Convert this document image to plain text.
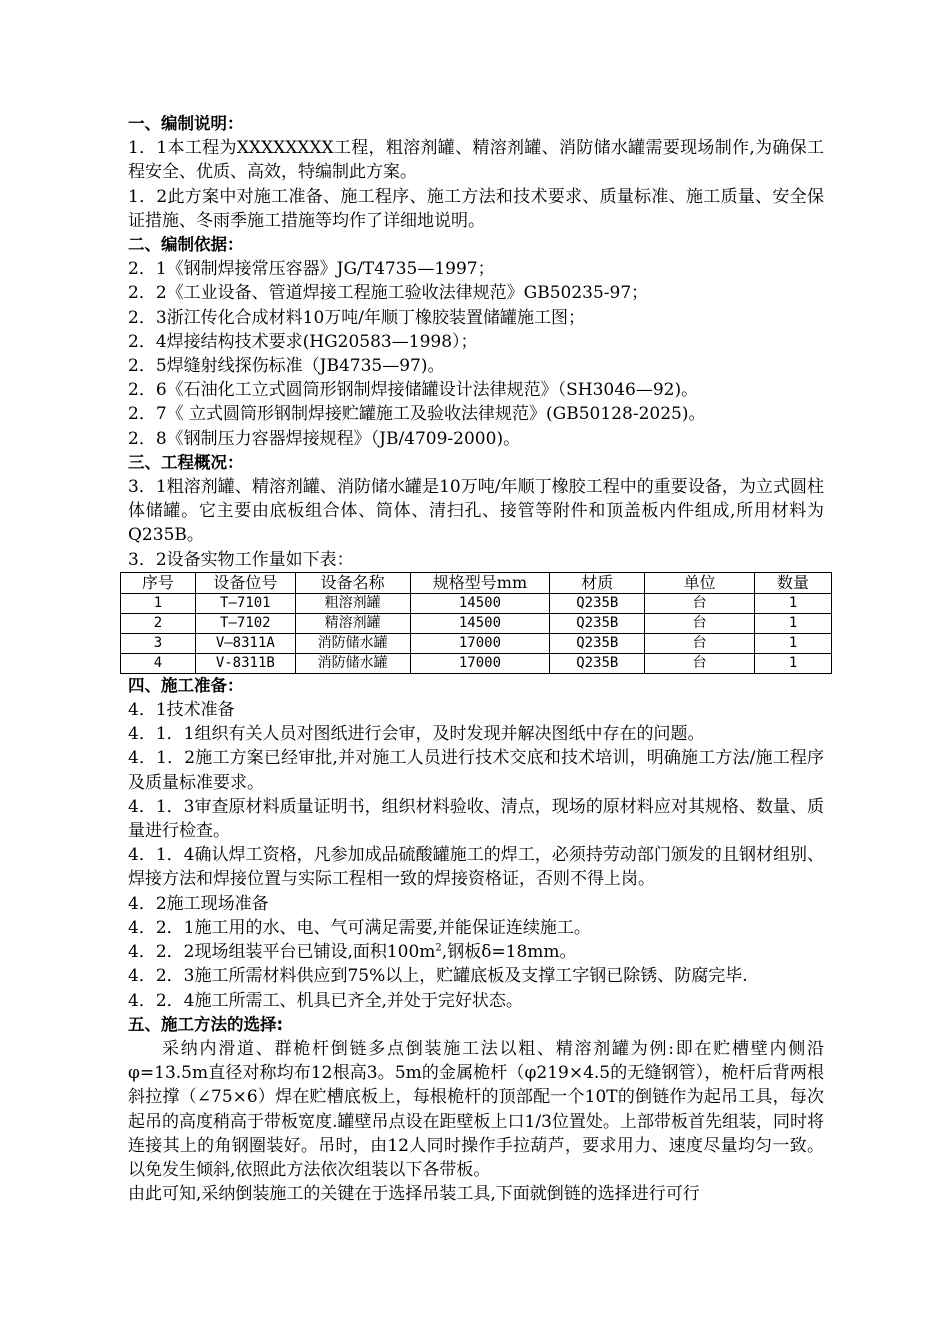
一、编制说明：

1．1本工程为XXXXXXXX工程，粗溶剂罐、精溶剂罐、消防储水罐需要现场制作,为确保工程安全、优质、高效，特编制此方案。

1．2此方案中对施工准备、施工程序、施工方法和技术要求、质量标准、施工质量、安全保证措施、冬雨季施工措施等均作了详细地说明。

二、编制依据：

2．1《钢制焊接常压容器》JG/T4735—1997；

2．2《工业设备、管道焊接工程施工验收法律规范》GB50235-97；

2．3浙江传化合成材料10万吨/年顺丁橡胶装置储罐施工图；

2．4焊接结构技术要求(HG20583—1998）；

2．5焊缝射线探伤标准（JB4735—97)。

2．6《石油化工立式圆筒形钢制焊接储罐设计法律规范》（SH3046—92)。

2．7《 立式圆筒形钢制焊接贮罐施工及验收法律规范》(GB50128-2025)。

2．8《钢制压力容器焊接规程》（JB/4709-2000)。

三、工程概况：

3．1粗溶剂罐、精溶剂罐、消防储水罐是10万吨/年顺丁橡胶工程中的重要设备，为立式圆柱体储罐。它主要由底板组合体、筒体、清扫孔、接管等附件和顶盖板内件组成,所用材料为Q235B。

3．2设备实物工作量如下表：

序号	设备位号	设备名称	规格型号mm	材质	单位	数量
1	T—7101	粗溶剂罐	14500	Q235B	台	1
2	T—7102	精溶剂罐	14500	Q235B	台	1
3	V—8311A	消防储水罐	17000	Q235B	台	1
4	V-8311B	消防储水罐	17000	Q235B	台	1
四、施工准备：

4．1技术准备

4．1．1组织有关人员对图纸进行会审，及时发现并解决图纸中存在的问题。

4．1．2施工方案已经审批,并对施工人员进行技术交底和技术培训，明确施工方法/施工程序及质量标准要求。

4．1．3审查原材料质量证明书，组织材料验收、清点，现场的原材料应对其规格、数量、质量进行检查。

4．1．4确认焊工资格，凡参加成品硫酸罐施工的焊工，必须持劳动部门颁发的且钢材组别、焊接方法和焊接位置与实际工程相一致的焊接资格证，否则不得上岗。

4．2施工现场准备

4．2．1施工用的水、电、气可满足需要,并能保证连续施工。

4．2．2现场组装平台已铺设,面积$100m^2$,钢板δ=18mm。

4．2．3施工所需材料供应到75%以上，贮罐底板及支撑工字钢已除锈、防腐完毕.

4．2．4施工所需工、机具已齐全,并处于完好状态。

五、施工方法的选择:

采纳内滑道、群桅杆倒链多点倒装施工法以粗、精溶剂罐为例:即在贮槽壁内侧沿φ=13.5m直径对称均布12根高3。5m的金属桅杆（φ219×4.5的无缝钢管），桅杆后背两根斜拉撑（∠75×6）焊在贮槽底板上，每根桅杆的顶部配一个10T的倒链作为起吊工具，每次起吊的高度稍高于带板宽度.罐壁吊点设在距壁板上口1/3位置处。上部带板首先组装，同时将连接其上的角钢圈装好。吊时，由12人同时操作手拉葫芦，要求用力、速度尽量均匀一致。以免发生倾斜,依照此方法依次组装以下各带板。

由此可知,采纳倒装施工的关键在于选择吊装工具,下面就倒链的选择进行可行
